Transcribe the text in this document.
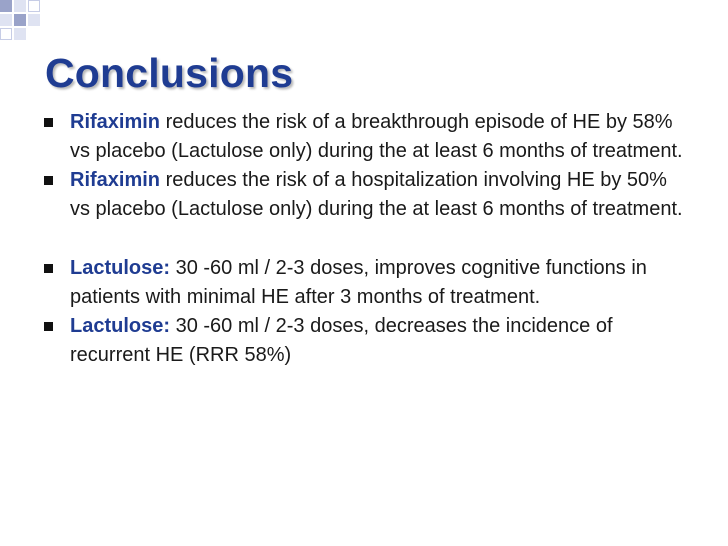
Conclusions
Rifaximin reduces the risk of a breakthrough episode of HE by 58% vs placebo (Lactulose only) during the at least 6 months of treatment.
Rifaximin reduces the risk of a hospitalization involving HE by 50% vs placebo (Lactulose only) during the at least 6 months of treatment.
Lactulose: 30 -60 ml / 2-3 doses, improves cognitive functions in patients with minimal HE after 3 months of treatment.
Lactulose: 30 -60 ml / 2-3 doses, decreases the incidence of recurrent HE (RRR 58%)
